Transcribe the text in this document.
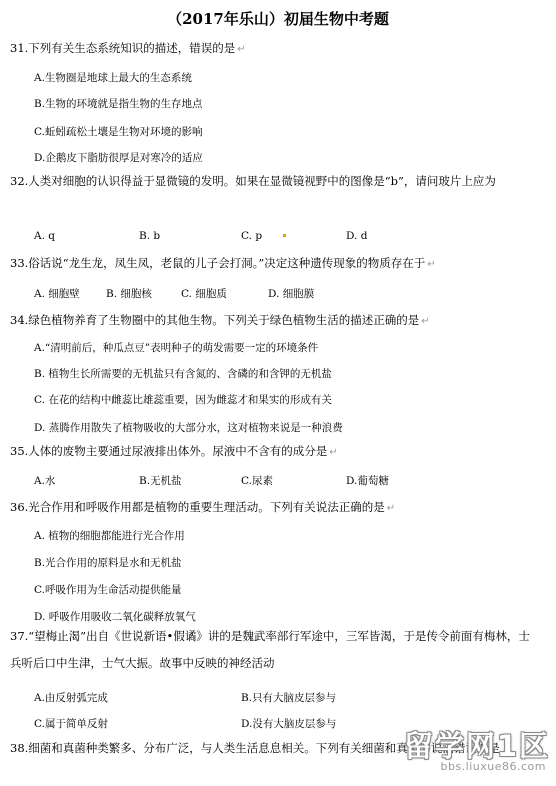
（2017年乐山）初届生物中考题
31.下列有关生态系统知识的描述，错误的是 ↵
A.生物圈是地球上最大的生态系统
B.生物的环境就是指生物的生存地点
C.蚯蚓疏松土壤是生物对环境的影响
D.企鹅皮下脂肪很厚是对寒冷的适应
32.人类对细胞的认识得益于显微镜的发明。如果在显微镜视野中的图像是“b”，请问玻片上应为
A. q	B. b	C. p	D. d
33.俗话说“龙生龙，凤生凤，老鼠的儿子会打洞。”决定这种遗传现象的物质存在于 ↵
A. 细胞壁 B. 细胞核	C. 细胞质	D. 细胞膜
34.绿色植物养育了生物圈中的其他生物。下列关于绿色植物生活的描述正确的是 ↵
A.“清明前后，种瓜点豆”表明种子的萌发需要一定的环境条件
B. 植物生长所需要的无机盐只有含氮的、含磷的和含钾的无机盐
C. 在花的结构中雌蕊比雄蕊重要，因为雌蕊才和果实的形成有关
D. 蒸腾作用散失了植物吸收的大部分水，这对植物来说是一种浪费
35.人体的废物主要通过尿液排出体外。尿液中不含有的成分是 ↵
A.水	B.无机盐	C.尿素	D.葡萄糖
36.光合作用和呼吸作用都是植物的重要生理活动。下列有关说法正确的是 ↵
A. 植物的细胞都能进行光合作用
B.光合作用的原料是水和无机盐
C.呼吸作用为生命活动提供能量
D. 呼吸作用吸收二氧化碳释放氧气
37.“望梅止渴”出自《世说新语•假谲》讲的是魏武率部行军途中，三军皆渴，于是传令前面有梅林，士兵听后口中生津，士气大振。故事中反映的神经活动
A.由反射弧完成	B.只有大脑皮层参与
C.属于简单反射	D.没有大脑皮层参与
38.细菌和真菌种类繁多、分布广泛，与人类生活息息相关。下列有关细菌和真菌的说法错误的是
留学网1区
bbs.liuxue86.com
